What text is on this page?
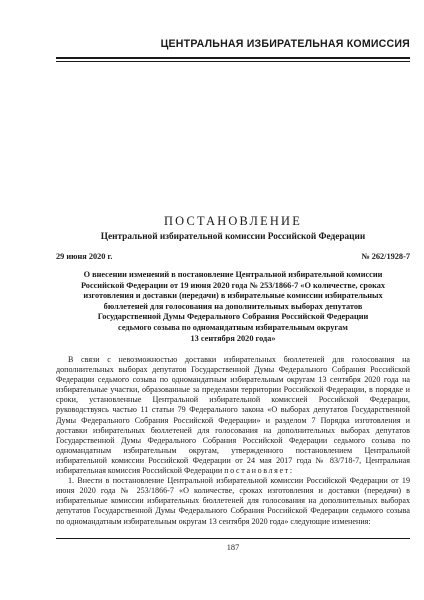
ЦЕНТРАЛЬНАЯ ИЗБИРАТЕЛЬНАЯ КОМИССИЯ
ПОСТАНОВЛЕНИЕ
Центральной избирательной комиссии Российской Федерации
29 июня 2020 г.	№ 262/1928-7
О внесении изменений в постановление Центральной избирательной комиссии
Российской Федерации от 19 июня 2020 года № 253/1866-7 «О количестве, сроках
изготовления и доставки (передачи) в избирательные комиссии избирательных
бюллетеней для голосования на дополнительных выборах депутатов
Государственной Думы Федерального Собрания Российской Федерации
седьмого созыва по одномандатным избирательным округам
13 сентября 2020 года»

В связи с невозможностью доставки избирательных бюллетеней для голосования на дополнительных выборах депутатов Государственной Думы Федерального Собрания Российской Федерации седьмого созыва по одномандатным избирательным округам 13 сентября 2020 года на избирательные участки, образованные за пределами территории Российской Федерации, в порядке и сроки, установленные Центральной избирательной комиссией Российской Федерации, руководствуясь частью 11 статьи 79 Федерального закона «О выборах депутатов Государственной Думы Федерального Собрания Российской Федерации» и разделом 7 Порядка изготовления и доставки избирательных бюллетеней для голосования на дополнительных выборах депутатов Государственной Думы Федерального Собрания Российской Федерации седьмого созыва по одномандатным избирательным округам, утвержденного постановлением Центральной избирательной комиссии Российской Федерации от 24 мая 2017 года № 83/718-7, Центральная избирательная комиссия Российской Федерации постановляет:

1. Внести в постановление Центральной избирательной комиссии Российской Федерации от 19 июня 2020 года № 253/1866-7 «О количестве, сроках изготовления и доставки (передачи) в избирательные комиссии избирательных бюллетеней для голосования на дополнительных выборах депутатов Государственной Думы Федерального Собрания Российской Федерации седьмого созыва по одномандатным избирательным округам 13 сентября 2020 года» следующие изменения:

187
